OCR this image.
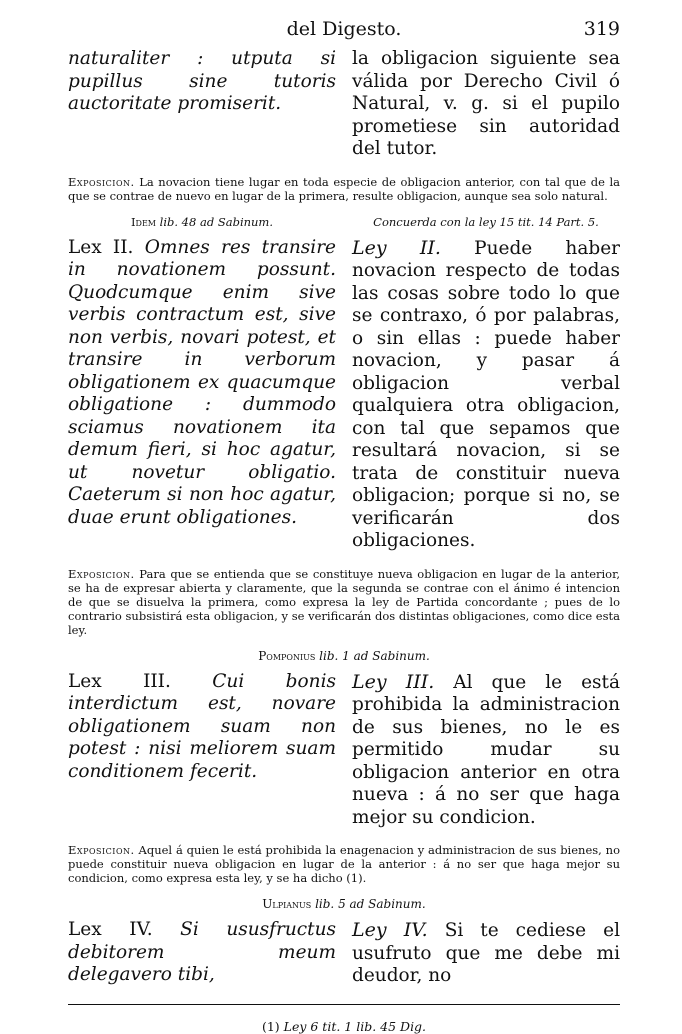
del Digesto.	319
naturaliter : utputa si pupillus sine tutoris auctoritate promiserit.
la obligacion siguiente sea válida por Derecho Civil ó Natural, v. g. si el pupilo prometiese sin autoridad del tutor.

Exposicion. La novacion tiene lugar en toda especie de obligacion anterior, con tal que de la que se contrae de nuevo en lugar de la primera, resulte obligacion, aunque sea solo natural.

Idem lib. 48 ad Sabinum.	Concuerda con la ley 15 tit. 14 Part. 5.
Lex II. Omnes res transire in novationem possunt. Quodcumque enim sive verbis contractum est, sive non verbis, novari potest, et transire in verborum obligationem ex quacumque obligatione : dummodo sciamus novationem ita demum fieri, si hoc agatur, ut novetur obligatio. Caeterum si non hoc agatur, duae erunt obligationes.
Ley II. Puede haber novacion respecto de todas las cosas sobre todo lo que se contraxo, ó por palabras, o sin ellas : puede haber novacion, y pasar á obligacion verbal qualquiera otra obligacion, con tal que sepamos que resultará novacion, si se trata de constituir nueva obligacion; porque si no, se verificarán dos obligaciones.

Exposicion. Para que se entienda que se constituye nueva obligacion en lugar de la anterior, se ha de expresar abierta y claramente, que la segunda se contrae con el ánimo é intencion de que se disuelva la primera, como expresa la ley de Partida concordante ; pues de lo contrario subsistirá esta obligacion, y se verificarán dos distintas obligaciones, como dice esta ley.

Pomponius lib. 1 ad Sabinum.
Lex III. Cui bonis interdictum est, novare obligationem suam non potest : nisi meliorem suam conditionem fecerit.
Ley III. Al que le está prohibida la administracion de sus bienes, no le es permitido mudar su obligacion anterior en otra nueva : á no ser que haga mejor su condicion.

Exposicion. Aquel á quien le está prohibida la enagenacion y administracion de sus bienes, no puede constituir nueva obligacion en lugar de la anterior : á no ser que haga mejor su condicion, como expresa esta ley, y se ha dicho (1).

Ulpianus lib. 5 ad Sabinum.
Lex IV. Si ususfructus debitorem meum delegavero tibi,
Ley IV. Si te cediese el usufruto que me debe mi deudor, no
(1) Ley 6 tit. 1 lib. 45 Dig.
